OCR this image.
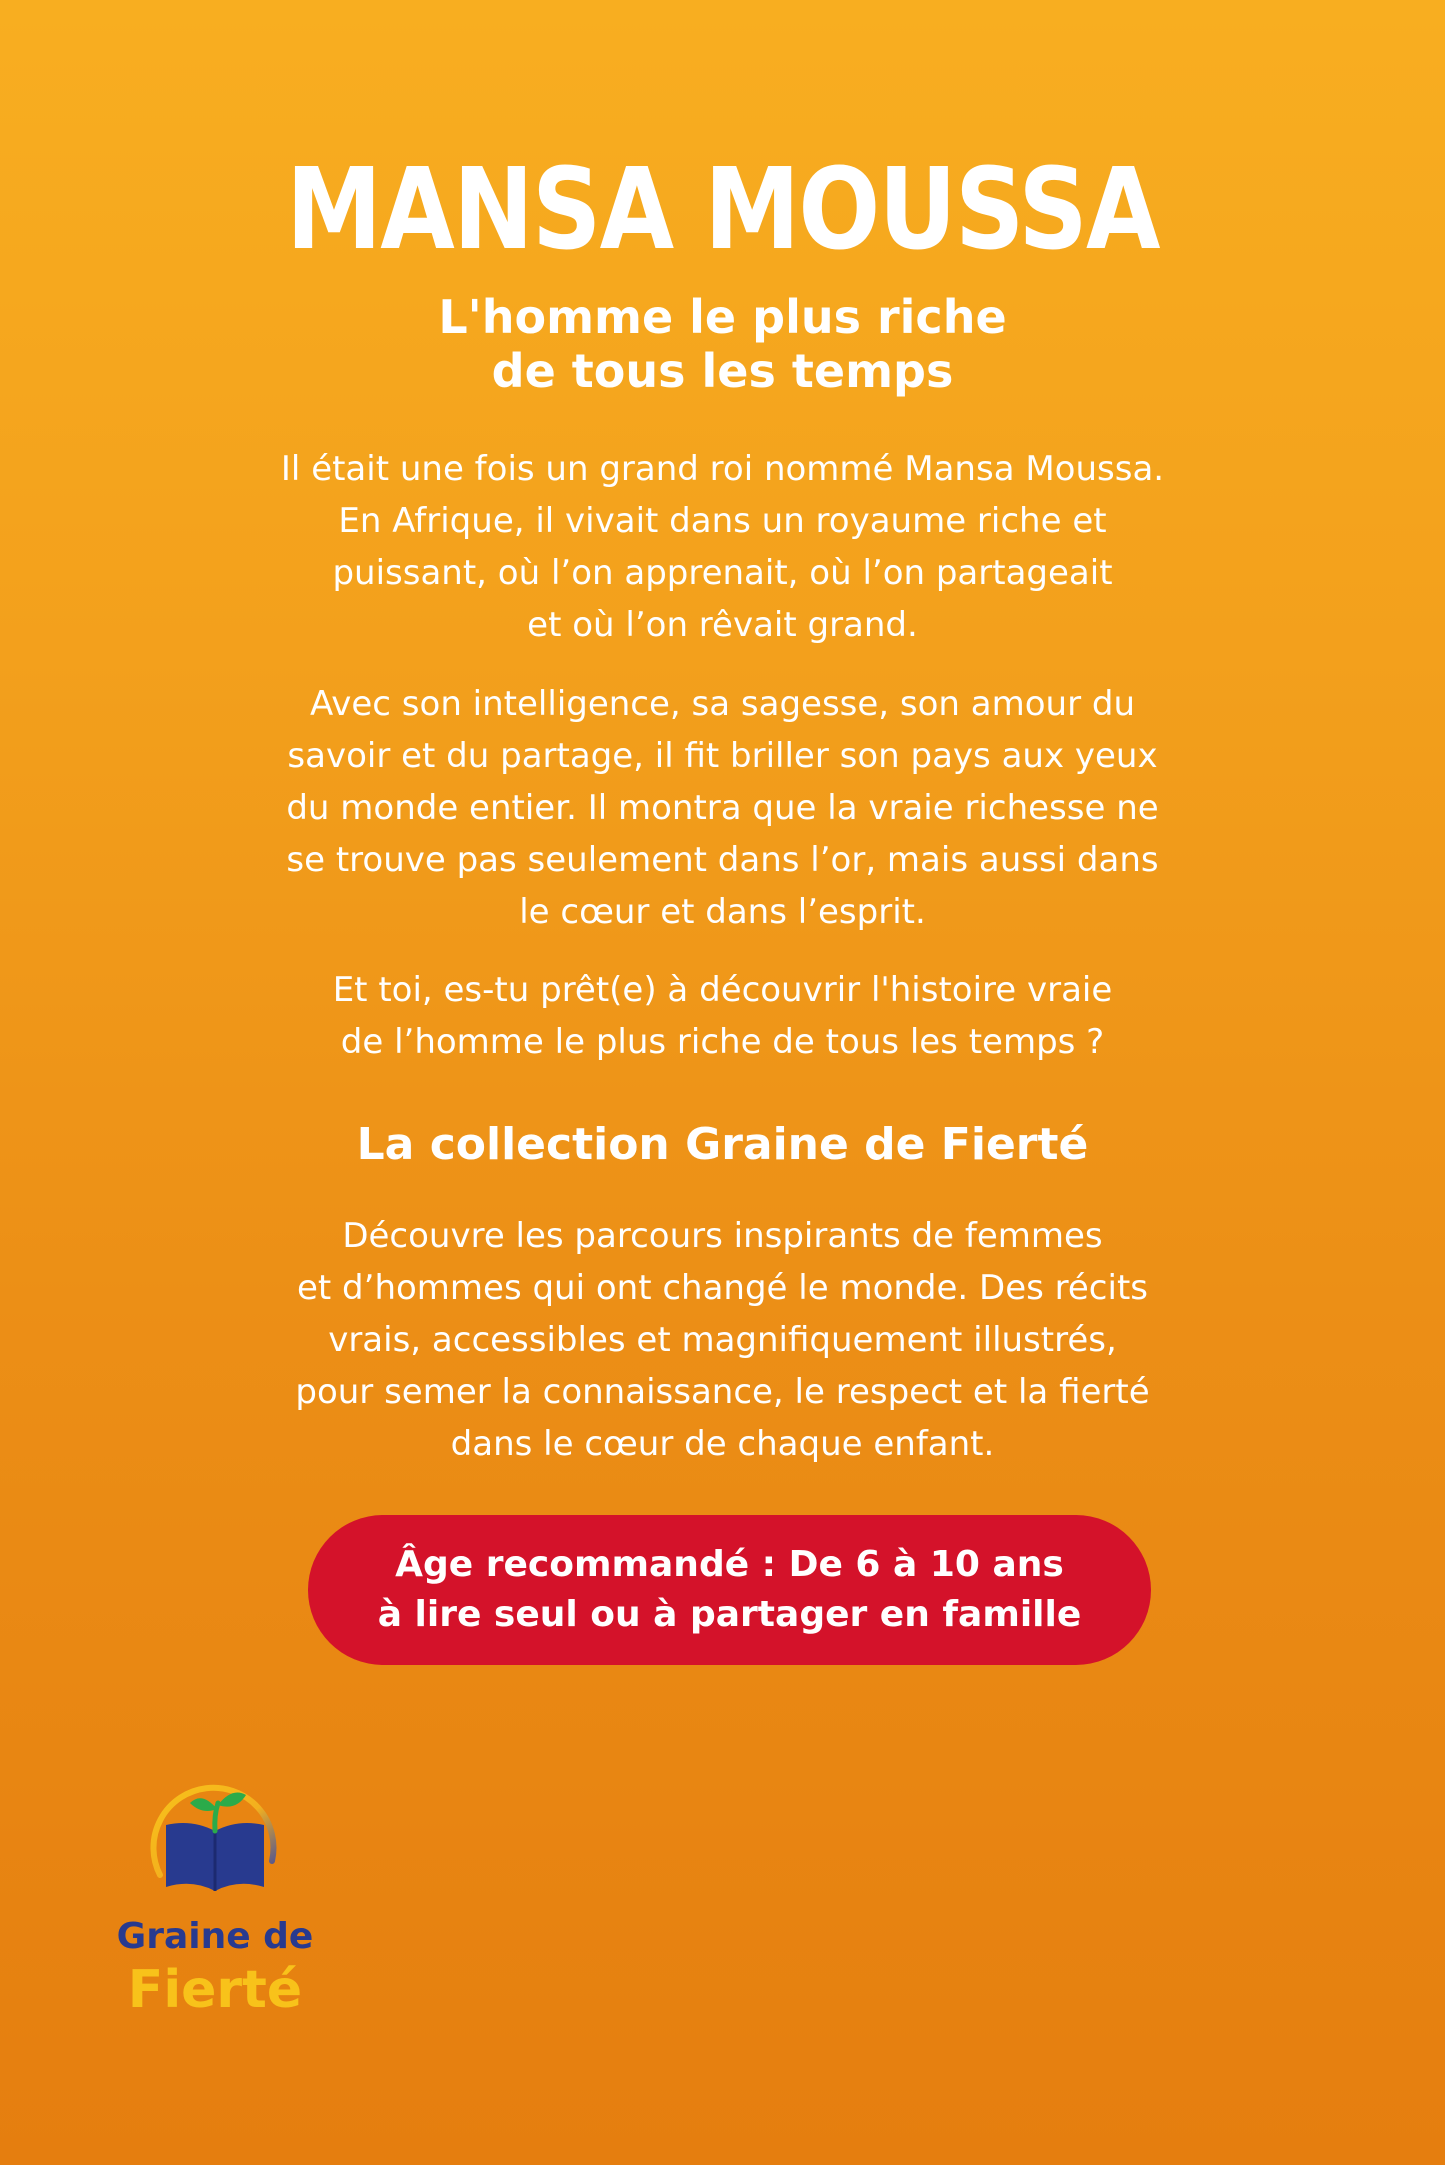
MANSA MOUSSA
L'homme le plus riche
de tous les temps

Il était une fois un grand roi nommé Mansa Moussa.
En Afrique, il vivait dans un royaume riche et
puissant, où l’on apprenait, où l’on partageait
et où l’on rêvait grand.

Avec son intelligence, sa sagesse, son amour du
savoir et du partage, il fit briller son pays aux yeux
du monde entier. Il montra que la vraie richesse ne
se trouve pas seulement dans l’or, mais aussi dans
le cœur et dans l’esprit.

Et toi, es-tu prêt(e) à découvrir l'histoire vraie
de l’homme le plus riche de tous les temps ?

La collection Graine de Fierté

Découvre les parcours inspirants de femmes
et d’hommes qui ont changé le monde. Des récits
vrais, accessibles et magnifiquement illustrés,
pour semer la connaissance, le respect et la fierté
dans le cœur de chaque enfant.

Âge recommandé : De 6 à 10 ans
à lire seul ou à partager en famille

Graine de

Fierté
